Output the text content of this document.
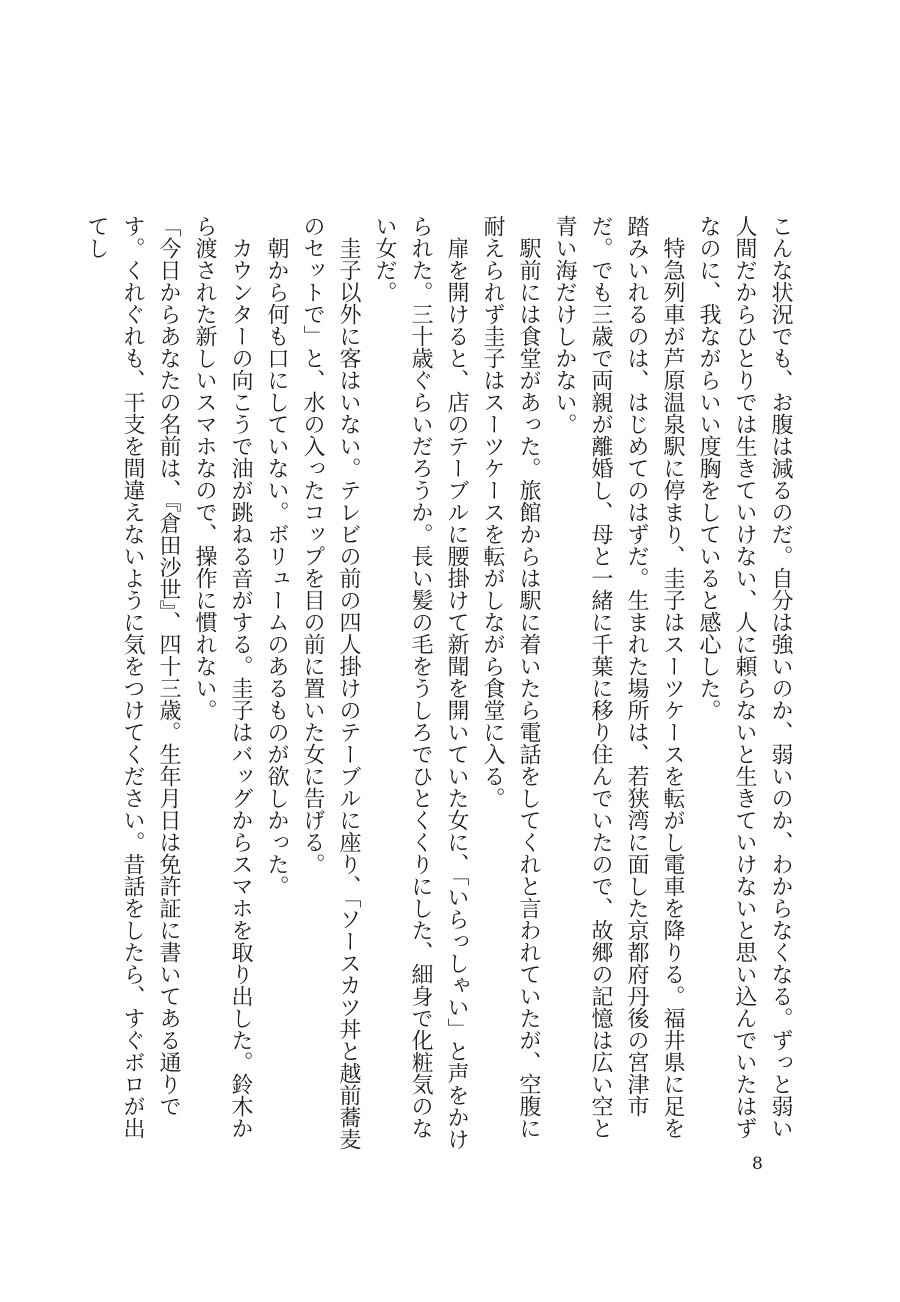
こんな状況でも、お腹は減るのだ。自分は強いのか、弱いのか、わからなくなる。ずっと弱い人間だからひとりでは生きていけない、人に頼らないと生きていけないと思い込んでいたはずなのに、我ながらいい度胸をしていると感心した。

特急列車が芦原温泉駅に停まり、圭子はスーツケースを転がし電車を降りる。福井県に足を踏みいれるのは、はじめてのはずだ。生まれた場所は、若狭湾に面した京都府丹後の宮津市だ。でも三歳で両親が離婚し、母と一緒に千葉に移り住んでいたので、故郷の記憶は広い空と青い海だけしかない。

駅前には食堂があった。旅館からは駅に着いたら電話をしてくれと言われていたが、空腹に耐えられず圭子はスーツケースを転がしながら食堂に入る。

扉を開けると、店のテーブルに腰掛けて新聞を開いていた女に、「いらっしゃい」と声をかけられた。三十歳ぐらいだろうか。長い髪の毛をうしろでひとくくりにした、細身で化粧気のない女だ。

圭子以外に客はいない。テレビの前の四人掛けのテーブルに座り、「ソースカツ丼と越前蕎麦のセットで」と、水の入ったコップを目の前に置いた女に告げる。

朝から何も口にしていない。ボリュームのあるものが欲しかった。

カウンターの向こうで油が跳ねる音がする。圭子はバッグからスマホを取り出した。鈴木から渡された新しいスマホなので、操作に慣れない。

「今日からあなたの名前は、『倉田沙世』、四十三歳。生年月日は免許証に書いてある通りです。くれぐれも、干支を間違えないように気をつけてください。昔話をしたら、すぐボロが出てし

8
